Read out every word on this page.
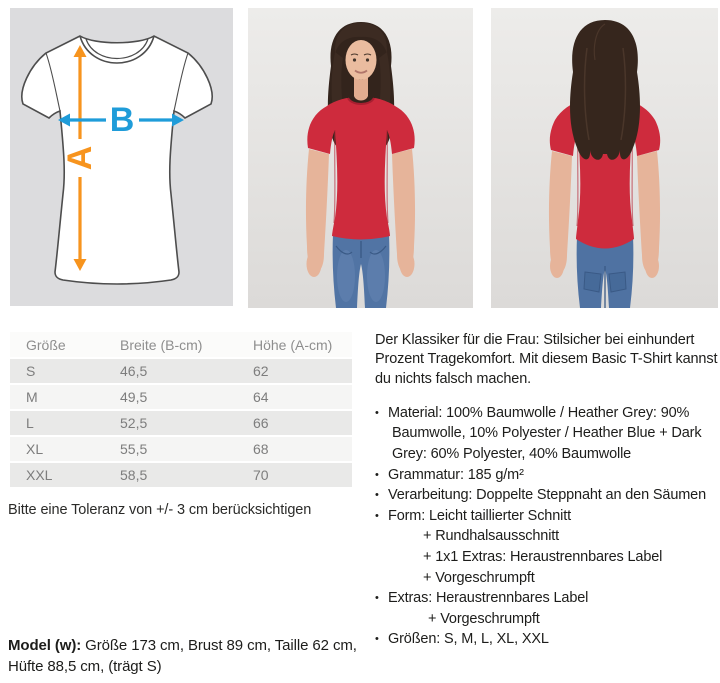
A
B
Größe	Breite (B-cm)	Höhe (A-cm)
S	46,5	62
M	49,5	64
L	52,5	66
XL	55,5	68
XXL	58,5	70
Bitte eine Toleranz von +/- 3 cm berücksichtigen
Model (w): Größe 173 cm, Brust 89 cm, Taille 62 cm,
Hüfte 88,5 cm, (trägt S)
Der Klassiker für die Frau: Stilsicher bei einhundert
Prozent Tragekomfort. Mit diesem Basic T-Shirt kannst
du nichts falsch machen.
• Material: 100% Baumwolle / Heather Grey: 90%
Baumwolle, 10% Polyester / Heather Blue + Dark
Grey: 60% Polyester, 40% Baumwolle
• Grammatur: 185 g/m²
• Verarbeitung: Doppelte Steppnaht an den Säumen
• Form: Leicht taillierter Schnitt
+ Rundhalsausschnitt
+ 1x1 Extras: Heraustrennbares Label
+ Vorgeschrumpft
• Extras: Heraustrennbares Label
+ Vorgeschrumpft
• Größen: S, M, L, XL, XXL
